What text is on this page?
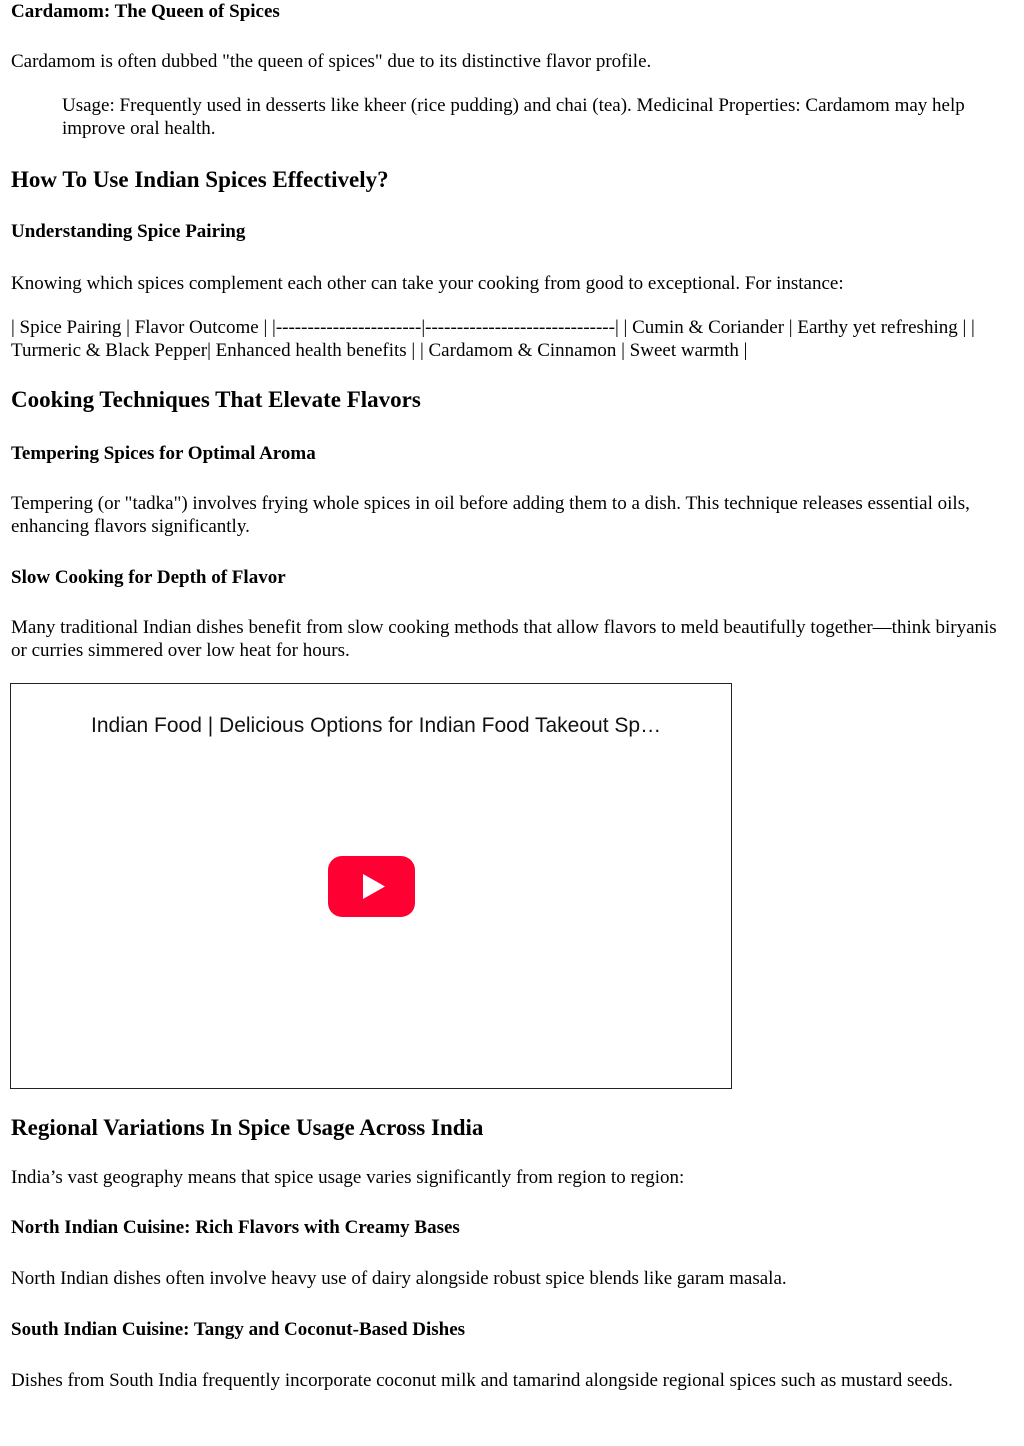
Cardamom: The Queen of Spices

Cardamom is often dubbed "the queen of spices" due to its distinctive flavor profile.

Usage: Frequently used in desserts like kheer (rice pudding) and chai (tea). Medicinal Properties: Cardamom may help improve oral health.
How To Use Indian Spices Effectively?
Understanding Spice Pairing

Knowing which spices complement each other can take your cooking from good to exceptional. For instance:

| Spice Pairing | Flavor Outcome | |-----------------------|------------------------------| | Cumin & Coriander | Earthy yet refreshing | | Turmeric & Black Pepper| Enhanced health benefits | | Cardamom & Cinnamon | Sweet warmth |

Cooking Techniques That Elevate Flavors
Tempering Spices for Optimal Aroma

Tempering (or "tadka") involves frying whole spices in oil before adding them to a dish. This technique releases essential oils, enhancing flavors significantly.

Slow Cooking for Depth of Flavor

Many traditional Indian dishes benefit from slow cooking methods that allow flavors to meld beautifully together—think biryanis or curries simmered over low heat for hours.

Indian Food | Delicious Options for Indian Food Takeout Sp…
Regional Variations In Spice Usage Across India

India’s vast geography means that spice usage varies significantly from region to region:

North Indian Cuisine: Rich Flavors with Creamy Bases

North Indian dishes often involve heavy use of dairy alongside robust spice blends like garam masala.

South Indian Cuisine: Tangy and Coconut-Based Dishes

Dishes from South India frequently incorporate coconut milk and tamarind alongside regional spices such as mustard seeds.
